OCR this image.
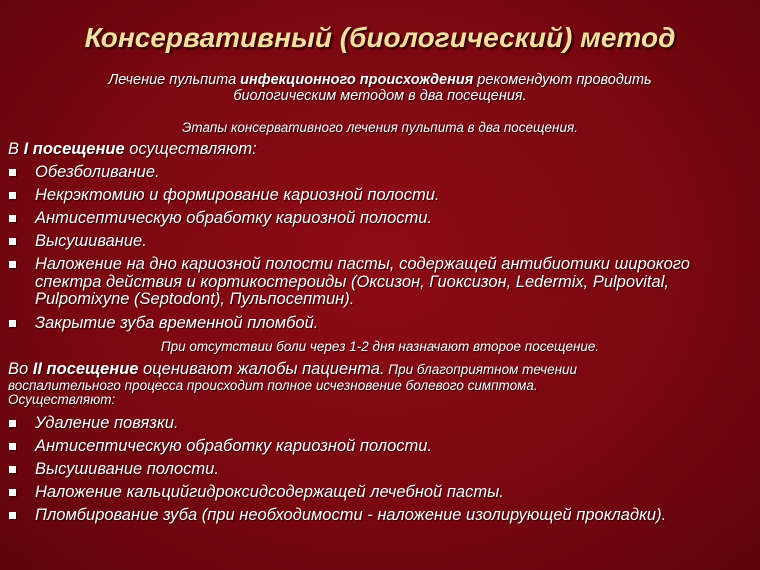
Консервативный (биологический) метод
Лечение пульпита инфекционного происхождения рекомендуют проводить
биологическим методом в два посещения.
Этапы консервативного лечения пульпита в два посещения.
В I посещение осуществляют:
Обезболивание.
Некрэктомию и формирование кариозной полости.
Антисептическую обработку кариозной полости.
Высушивание.
Наложение на дно кариозной полости пасты, содержащей антибиотики широкого спектра действия и кортикостероиды (Оксизон, Гиоксизон, Ledermix, Pulpovital, Pulpomixyne (Septodont), Пульпосептин).
Закрытие зуба временной пломбой.
При отсутствии боли через 1-2 дня назначают второе посещение.
Во II посещение оценивают жалобы пациента. При благоприятном течении
воспалительного процесса происходит полное исчезновение болевого симптома.
Осуществляют:
Удаление повязки.
Антисептическую обработку кариозной полости.
Высушивание полости.
Наложение кальцийгидроксидсодержащей лечебной пасты.
Пломбирование зуба (при необходимости - наложение изолирующей прокладки).
